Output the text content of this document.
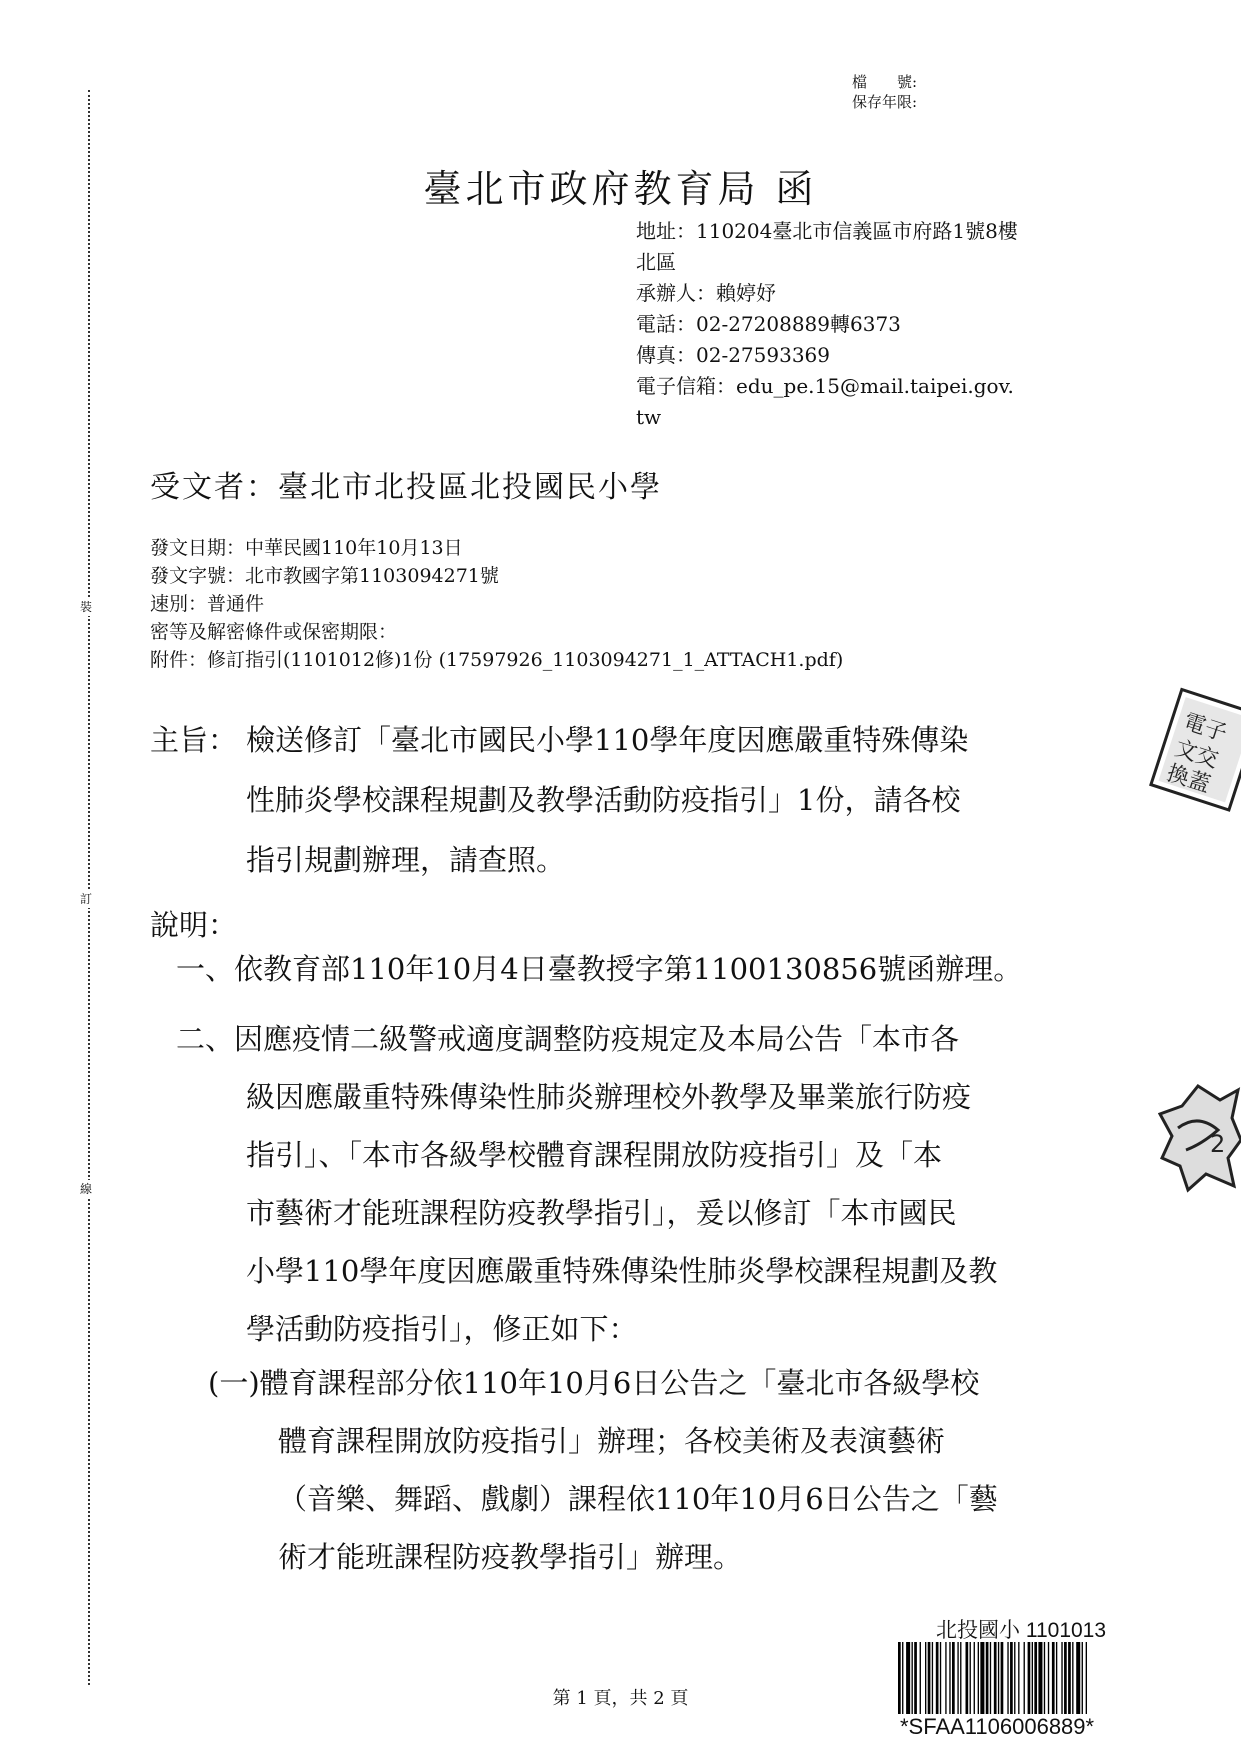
裝
訂
線
檔　　號:
保存年限:
臺北市政府教育局 函
地址：110204臺北市信義區市府路1號8樓
北區
承辦人：賴婷妤
電話：02-27208889轉6373
傳真：02-27593369
電子信箱：edu_pe.15@mail.taipei.gov.
tw
受文者：臺北市北投區北投國民小學
發文日期：中華民國110年10月13日
發文字號：北市教國字第1103094271號
速別：普通件
密等及解密條件或保密期限：
附件：修訂指引(1101012修)1份 (17597926_1103094271_1_ATTACH1.pdf)
主旨： 檢送修訂「臺北市國民小學110學年度因應嚴重特殊傳染
性肺炎學校課程規劃及教學活動防疫指引」1份，請各校
指引規劃辦理，請查照。
說明：
一、依教育部110年10月4日臺教授字第1100130856號函辦理。
二、因應疫情二級警戒適度調整防疫規定及本局公告「本市各
級因應嚴重特殊傳染性肺炎辦理校外教學及畢業旅行防疫
指引」、「本市各級學校體育課程開放防疫指引」及「本
市藝術才能班課程防疫教學指引」，爰以修訂「本市國民
小學110學年度因應嚴重特殊傳染性肺炎學校課程規劃及教
學活動防疫指引」，修正如下：
(一)體育課程部分依110年10月6日公告之「臺北市各級學校
體育課程開放防疫指引」辦理；各校美術及表演藝術
（音樂、舞蹈、戲劇）課程依110年10月6日公告之「藝
術才能班課程防疫教學指引」辦理。
電子
文交
換蓋
2
第 1 頁，共 2 頁
北投國小 1101013
*SFAA1106006889*
